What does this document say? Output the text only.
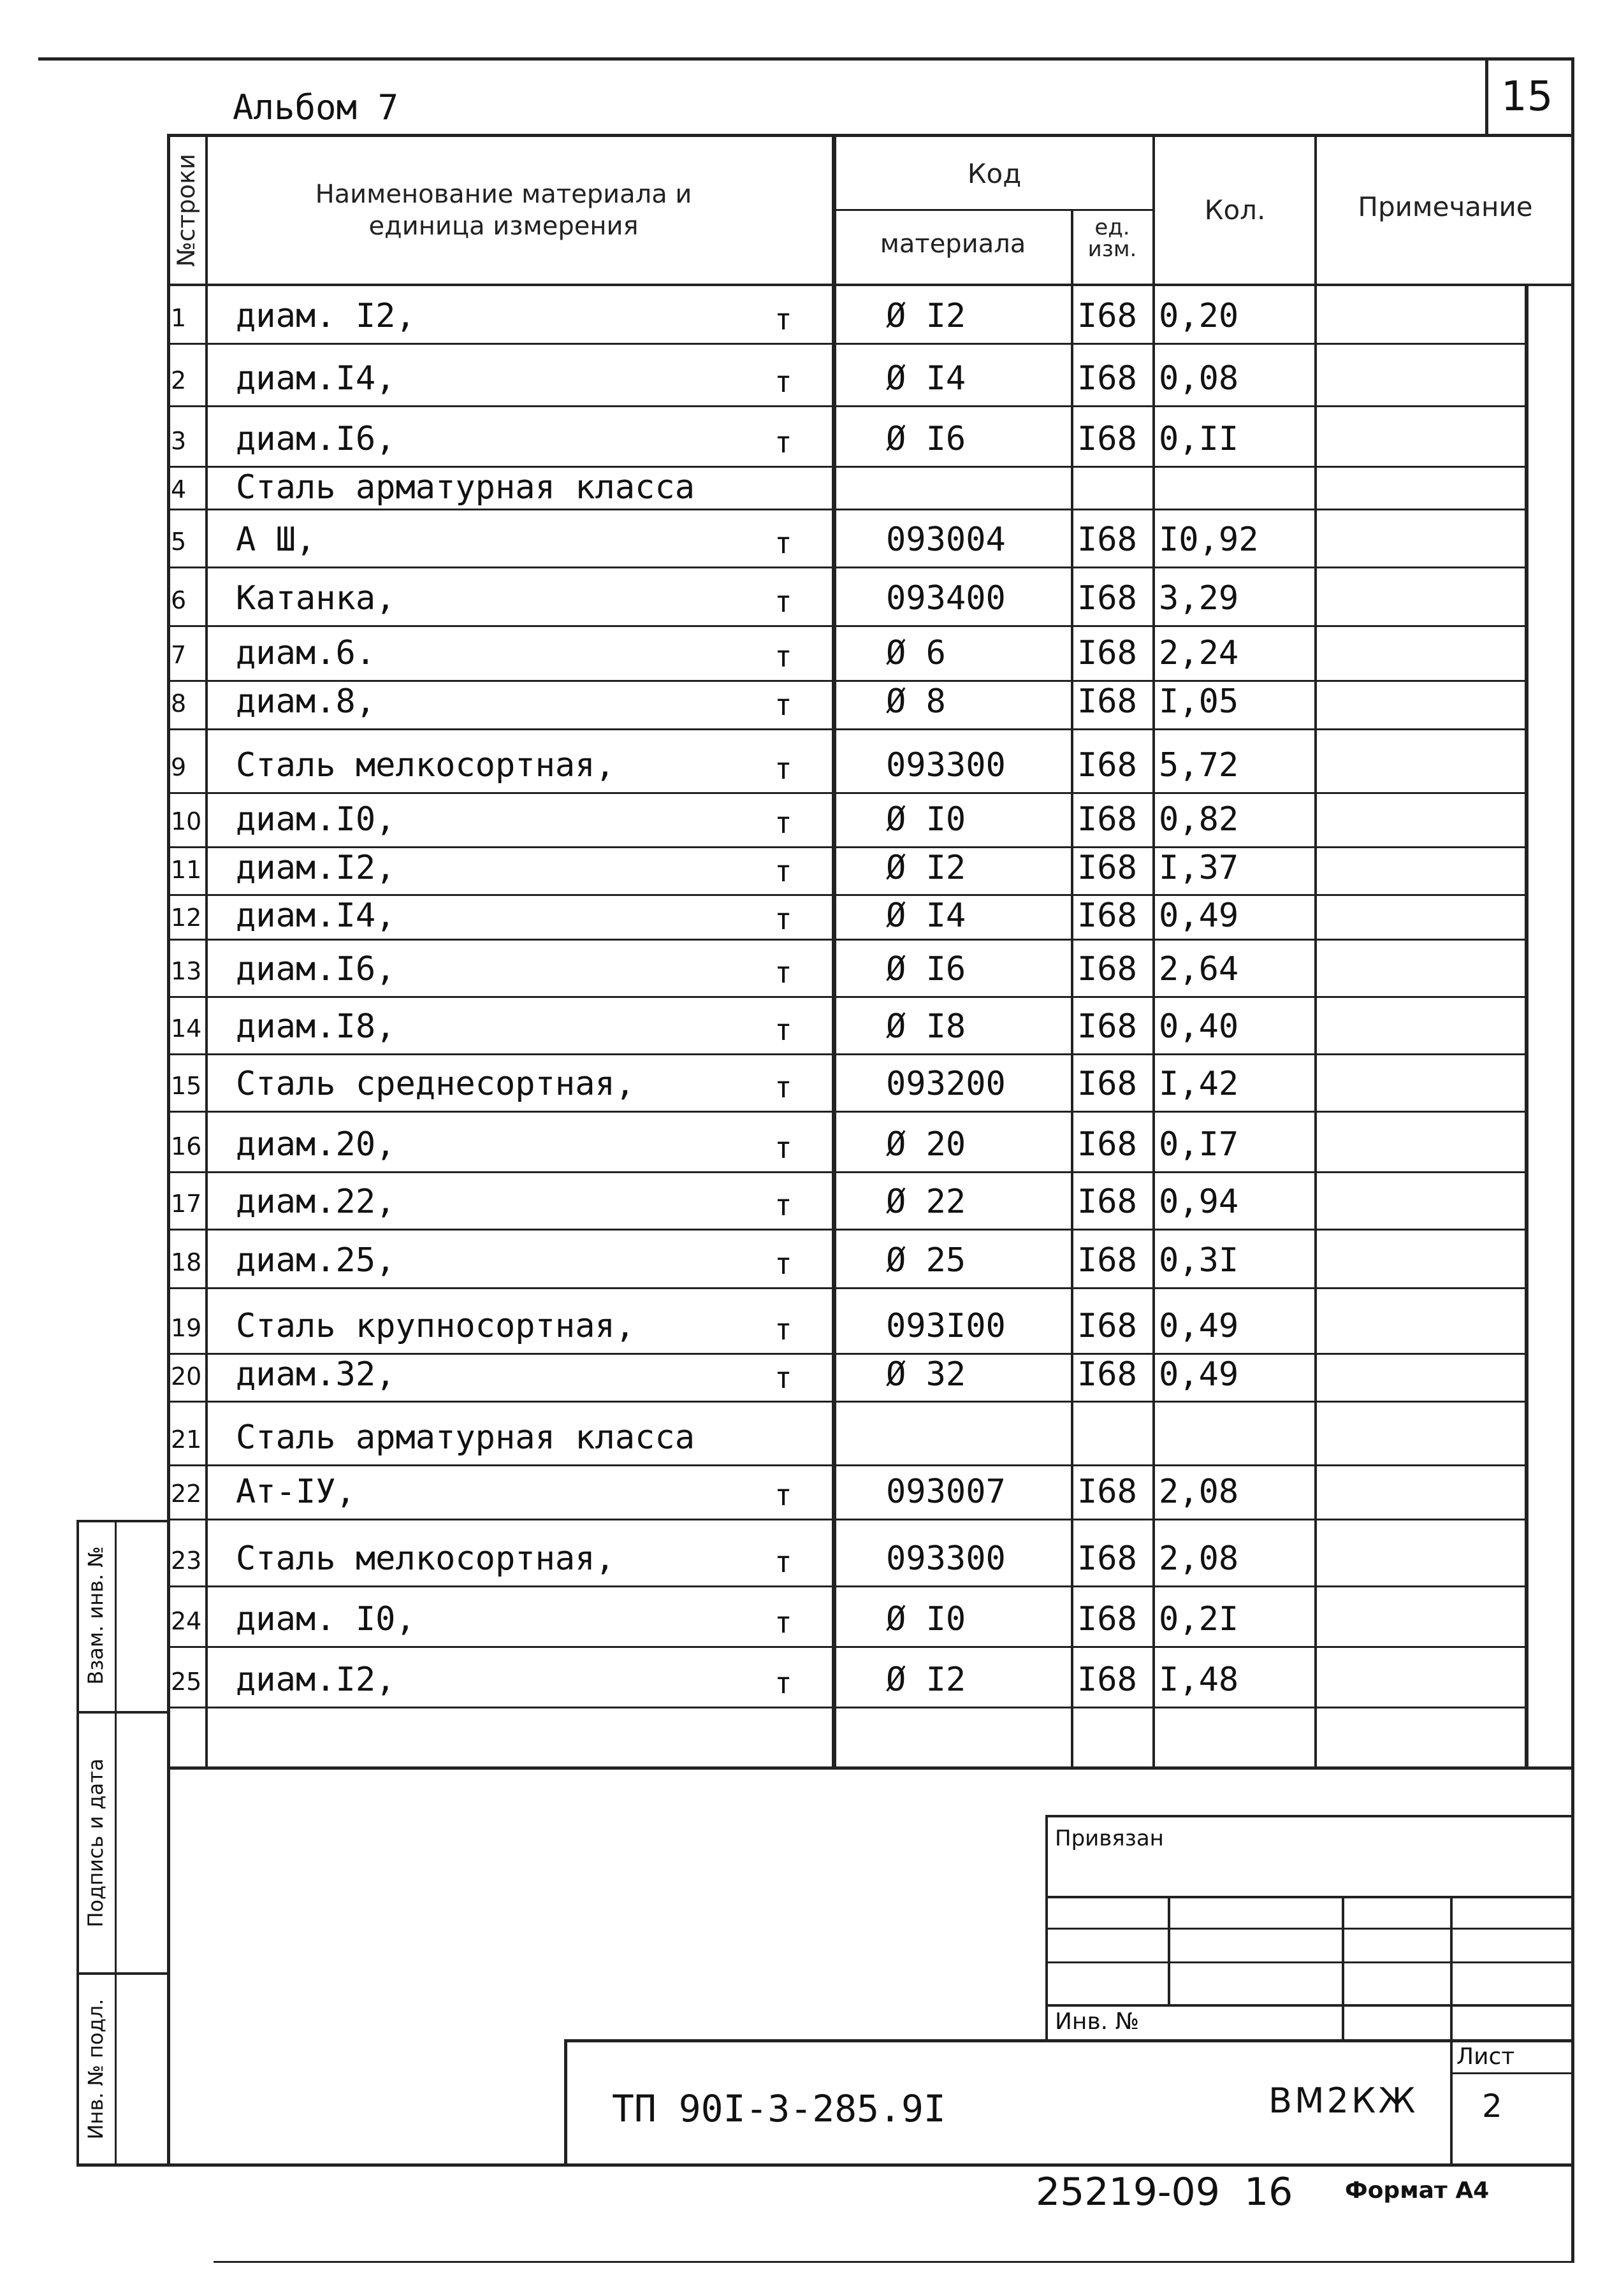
15
Альбом 7
№строки	Наименование материала и
единица измерения
Код
материала
ед.
изм.
Кол.	Примечание
1 диам. I2,	т	Ø I2	I68 0,20
2 диам.I4,	т	Ø I4	I68 0,08
3 диам.I6,	т	Ø I6	I68 0,II
4 Сталь арматурная класса
5 А Ш,	т	093004 I68 I0,92
6 Катанка,	т	093400 I68 3,29
7 диам.6.	т	Ø 6	I68 2,24
8 диам.8,	т	Ø 8	I68 I,05
9 Сталь мелкосортная,	т	093300 I68 5,72
10 диам.I0,	т	Ø I0	I68 0,82
11 диам.I2,	т	Ø I2	I68 I,37
12 диам.I4,	т	Ø I4	I68 0,49
13 диам.I6,	т	Ø I6	I68 2,64
14 диам.I8,	т	Ø I8	I68 0,40
15 Сталь среднесортная,	т	093200 I68 I,42
16 диам.20,	т	Ø 20	I68 0,I7
17 диам.22,	т	Ø 22	I68 0,94
18 диам.25,	т	Ø 25	I68 0,3I
19 Сталь крупносортная,	т	093I00 I68 0,49
20 диам.32,	т	Ø 32	I68 0,49
21 Сталь арматурная класса
22 Ат-IУ,	т	093007 I68 2,08
23 Сталь мелкосортная,	т	093300 I68 2,08
24 диам. I0,	т	Ø I0	I68 0,2I
25 диам.I2,	т	Ø I2	I68 I,48
Взам. инв. №
Подпись и дата
Инв. № подл.
Привязан
Инв. №
ТП 90I-3-285.9I	ВМ2КЖ
Лист
2
25219-09  16 Формат А4
